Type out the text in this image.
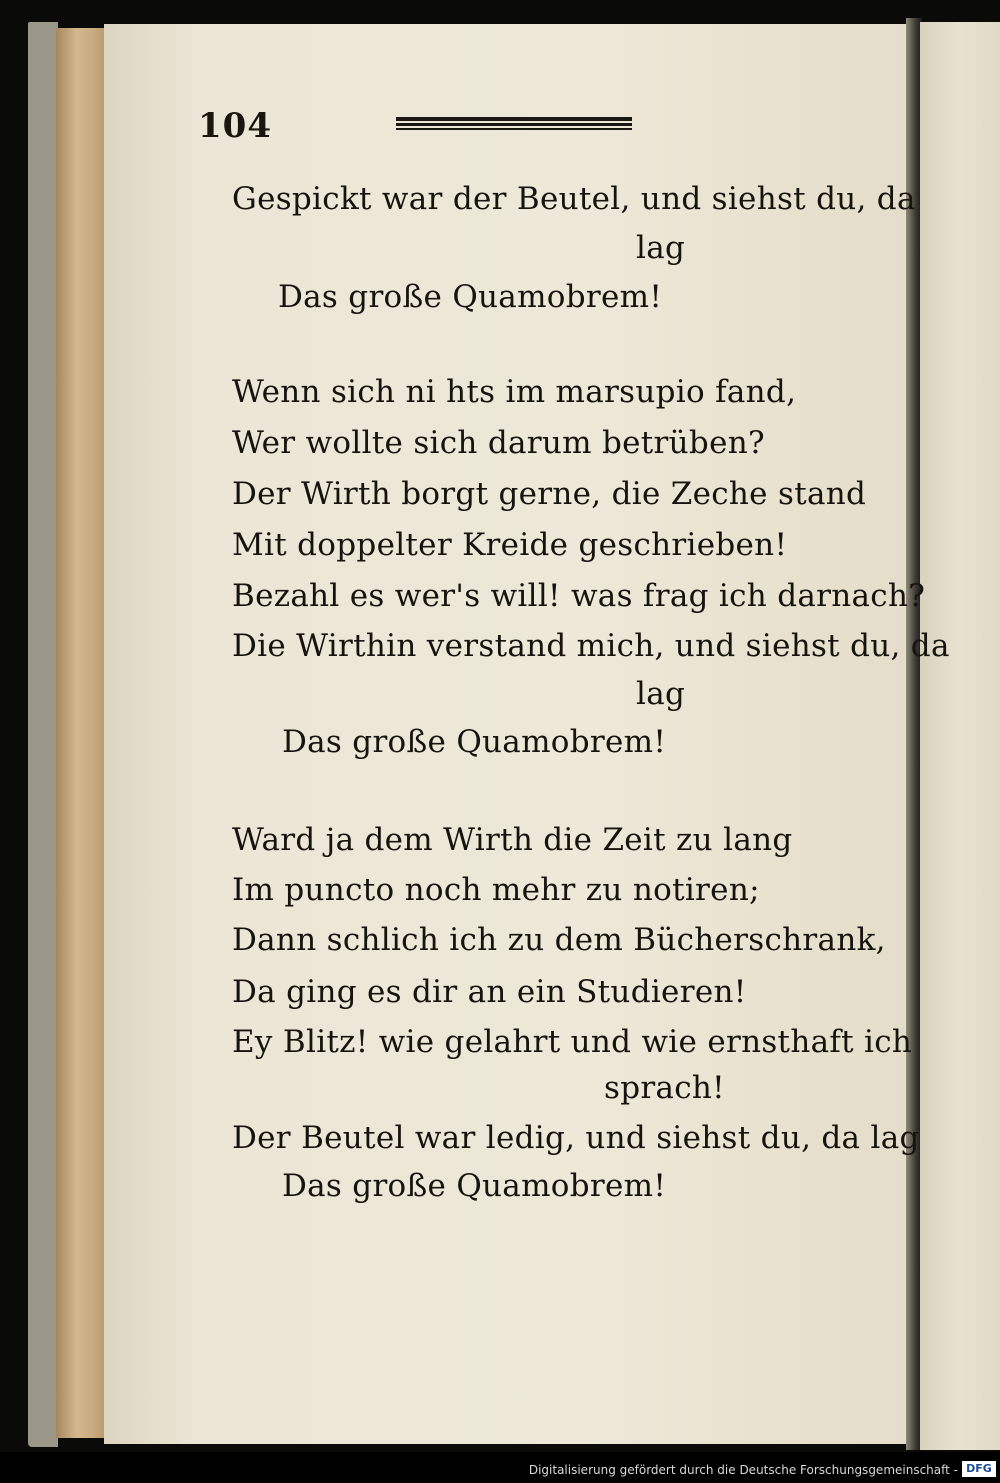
104
Gespickt war der Beutel, und siehst du, da
lag
Das große Quamobrem!
Wenn sich ni hts im marsupio fand,
Wer wollte sich darum betrüben?
Der Wirth borgt gerne, die Zeche stand
Mit doppelter Kreide geschrieben!
Bezahl es wer's will! was frag ich darnach?
Die Wirthin verstand mich, und siehst du, da
lag
Das große Quamobrem!
Ward ja dem Wirth die Zeit zu lang
Im puncto noch mehr zu notiren;
Dann schlich ich zu dem Bücherschrank,
Da ging es dir an ein Studieren!
Ey Blitz! wie gelahrt und wie ernsthaft ich
sprach!
Der Beutel war ledig, und siehst du, da lag
Das große Quamobrem!
Digitalisierung gefördert durch die Deutsche Forschungsgemeinschaft - DFG
